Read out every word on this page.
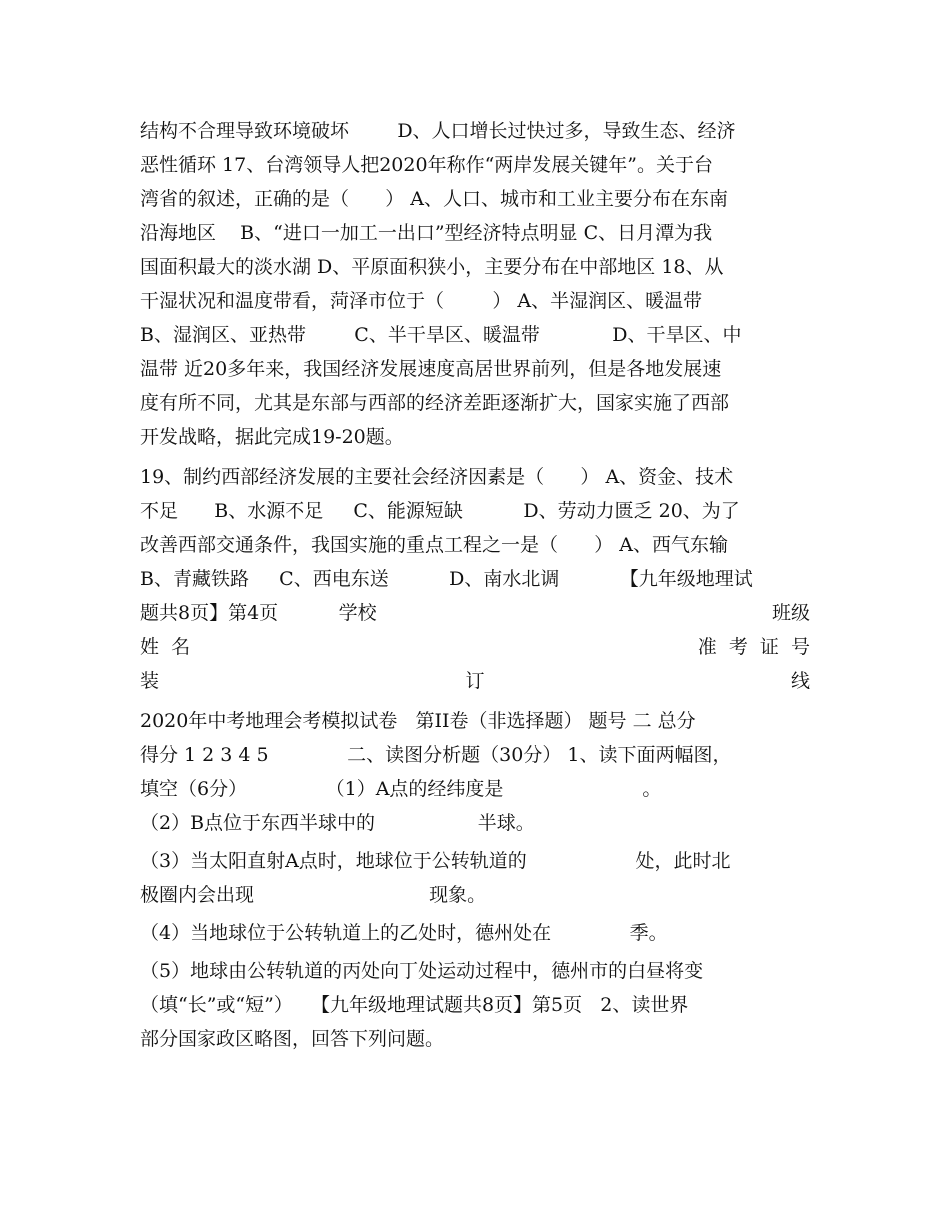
结构不合理导致环境破坏        D、人口增长过快过多，导致生态、经济
恶性循环 17、台湾领导人把2020年称作“两岸发展关键年”。关于台
湾省的叙述，正确的是（      ） A、人口、城市和工业主要分布在东南
沿海地区    B、“进口一加工一出口”型经济特点明显 C、日月潭为我
国面积最大的淡水湖 D、平原面积狭小，主要分布在中部地区 18、从
干湿状况和温度带看，菏泽市位于（        ） A、半湿润区、暖温带
B、湿润区、亚热带        C、半干旱区、暖温带            D、干旱区、中
温带 近20多年来，我国经济发展速度高居世界前列，但是各地发展速
度有所不同，尤其是东部与西部的经济差距逐渐扩大，国家实施了西部
开发战略，据此完成19-20题。
19、制约西部经济发展的主要社会经济因素是（      ） A、资金、技术
不足      B、水源不足     C、能源短缺          D、劳动力匮乏 20、为了
改善西部交通条件，我国实施的重点工程之一是（      ） A、西气东输
B、青藏铁路     C、西电东送          D、南水北调          【九年级地理试
题共8页】第4页          学校	班级
姓  名	准  考  证  号
装	订	线
2020年中考地理会考模拟试卷   第II卷（非选择题） 题号 二 总分
得分 1 2 3 4 5             二、读图分析题（30分） 1、读下面两幅图，
填空（6分）             （1）A点的经纬度是                       。
（2）B点位于东西半球中的                 半球。
（3）当太阳直射A点时，地球位于公转轨道的                  处，此时北
极圈内会出现                             现象。
（4）当地球位于公转轨道上的乙处时，德州处在             季。
（5）地球由公转轨道的丙处向丁处运动过程中，德州市的白昼将变
（填“长”或“短”）   【九年级地理试题共8页】第5页   2、读世界
部分国家政区略图，回答下列问题。
